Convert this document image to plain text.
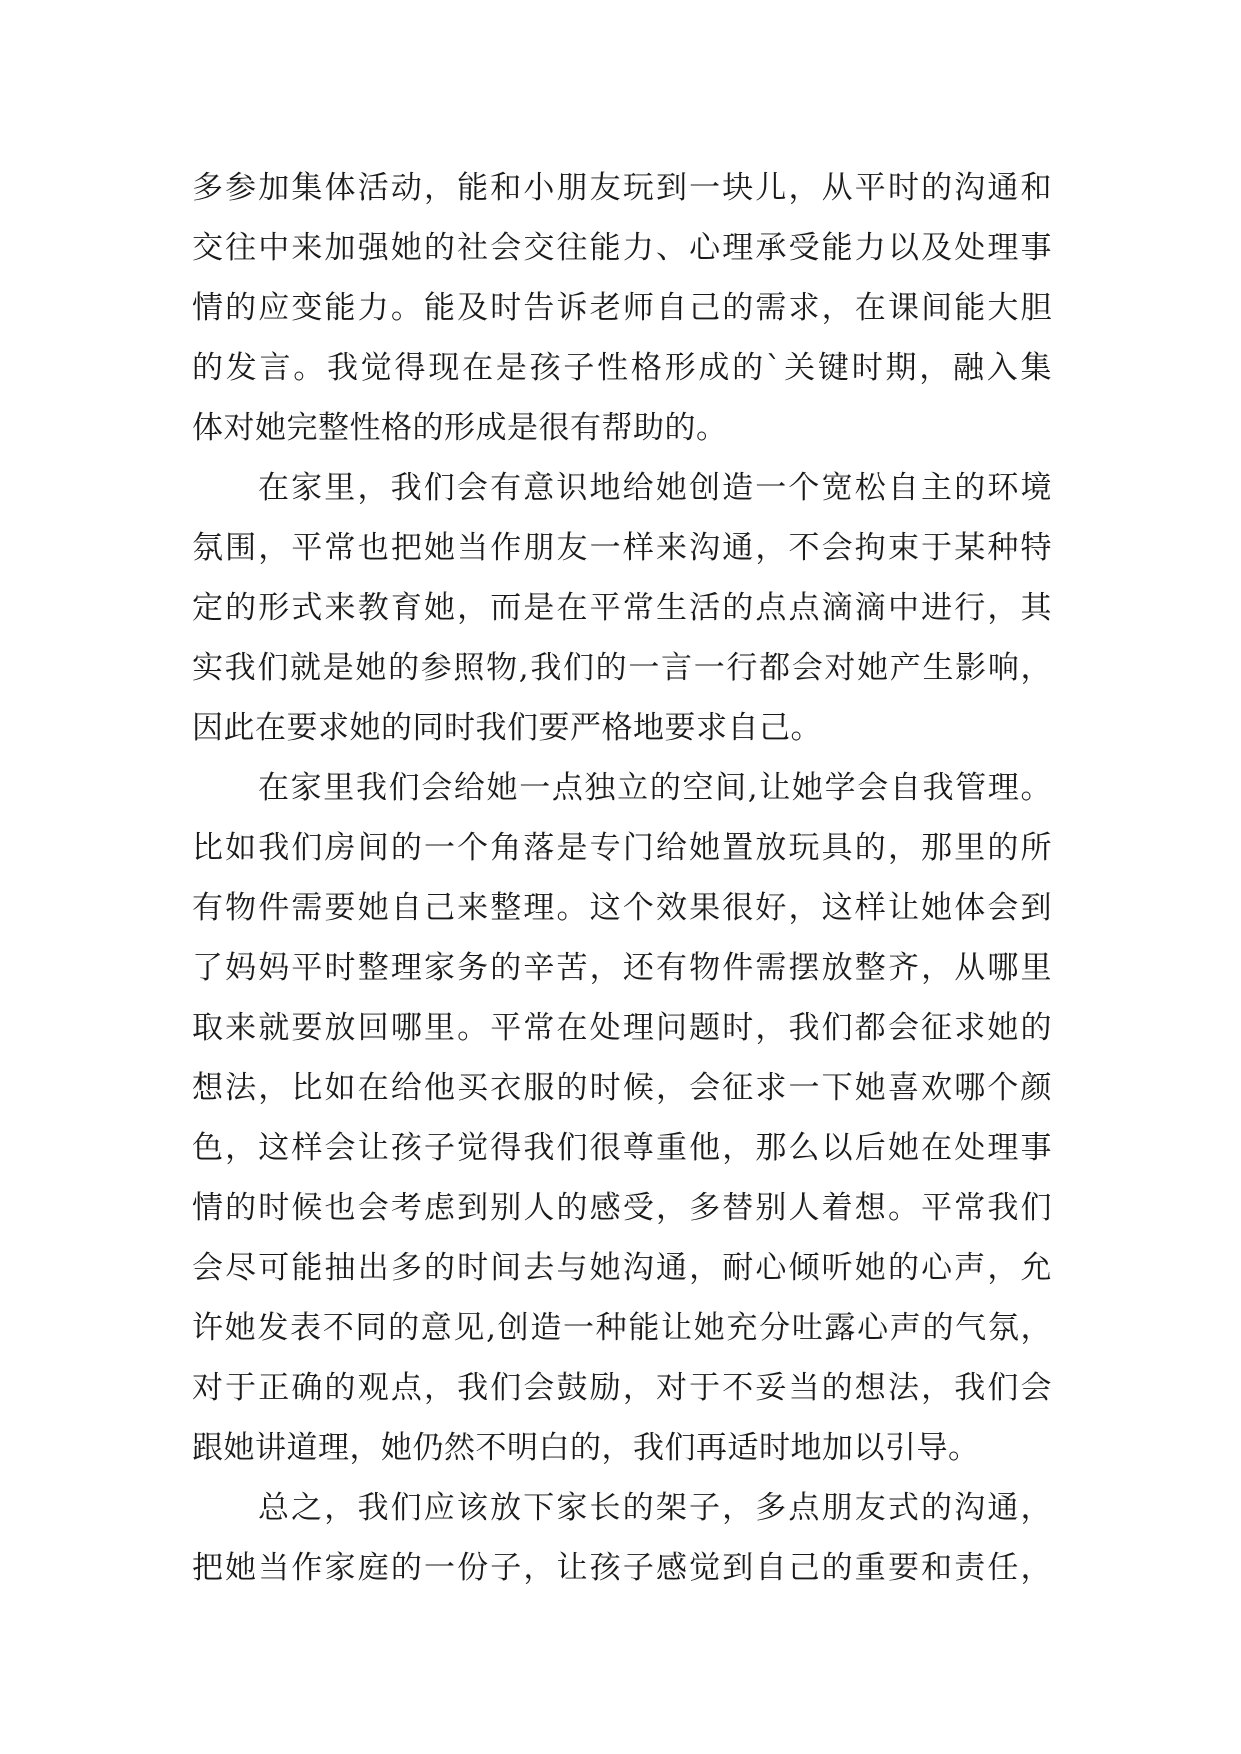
多参加集体活动，能和小朋友玩到一块儿，从平时的沟通和
交往中来加强她的社会交往能力、心理承受能力以及处理事
情的应变能力。能及时告诉老师自己的需求，在课间能大胆
的发言。我觉得现在是孩子性格形成的`关键时期，融入集
体对她完整性格的形成是很有帮助的。
在家里，我们会有意识地给她创造一个宽松自主的环境
氛围，平常也把她当作朋友一样来沟通，不会拘束于某种特
定的形式来教育她，而是在平常生活的点点滴滴中进行，其
实我们就是她的参照物,我们的一言一行都会对她产生影响，
因此在要求她的同时我们要严格地要求自己。
在家里我们会给她一点独立的空间,让她学会自我管理。
比如我们房间的一个角落是专门给她置放玩具的，那里的所
有物件需要她自己来整理。这个效果很好，这样让她体会到
了妈妈平时整理家务的辛苦，还有物件需摆放整齐，从哪里
取来就要放回哪里。平常在处理问题时，我们都会征求她的
想法，比如在给他买衣服的时候，会征求一下她喜欢哪个颜
色，这样会让孩子觉得我们很尊重他，那么以后她在处理事
情的时候也会考虑到别人的感受，多替别人着想。平常我们
会尽可能抽出多的时间去与她沟通，耐心倾听她的心声，允
许她发表不同的意见,创造一种能让她充分吐露心声的气氛，
对于正确的观点，我们会鼓励，对于不妥当的想法，我们会
跟她讲道理，她仍然不明白的，我们再适时地加以引导。
总之，我们应该放下家长的架子，多点朋友式的沟通，
把她当作家庭的一份子，让孩子感觉到自己的重要和责任，
